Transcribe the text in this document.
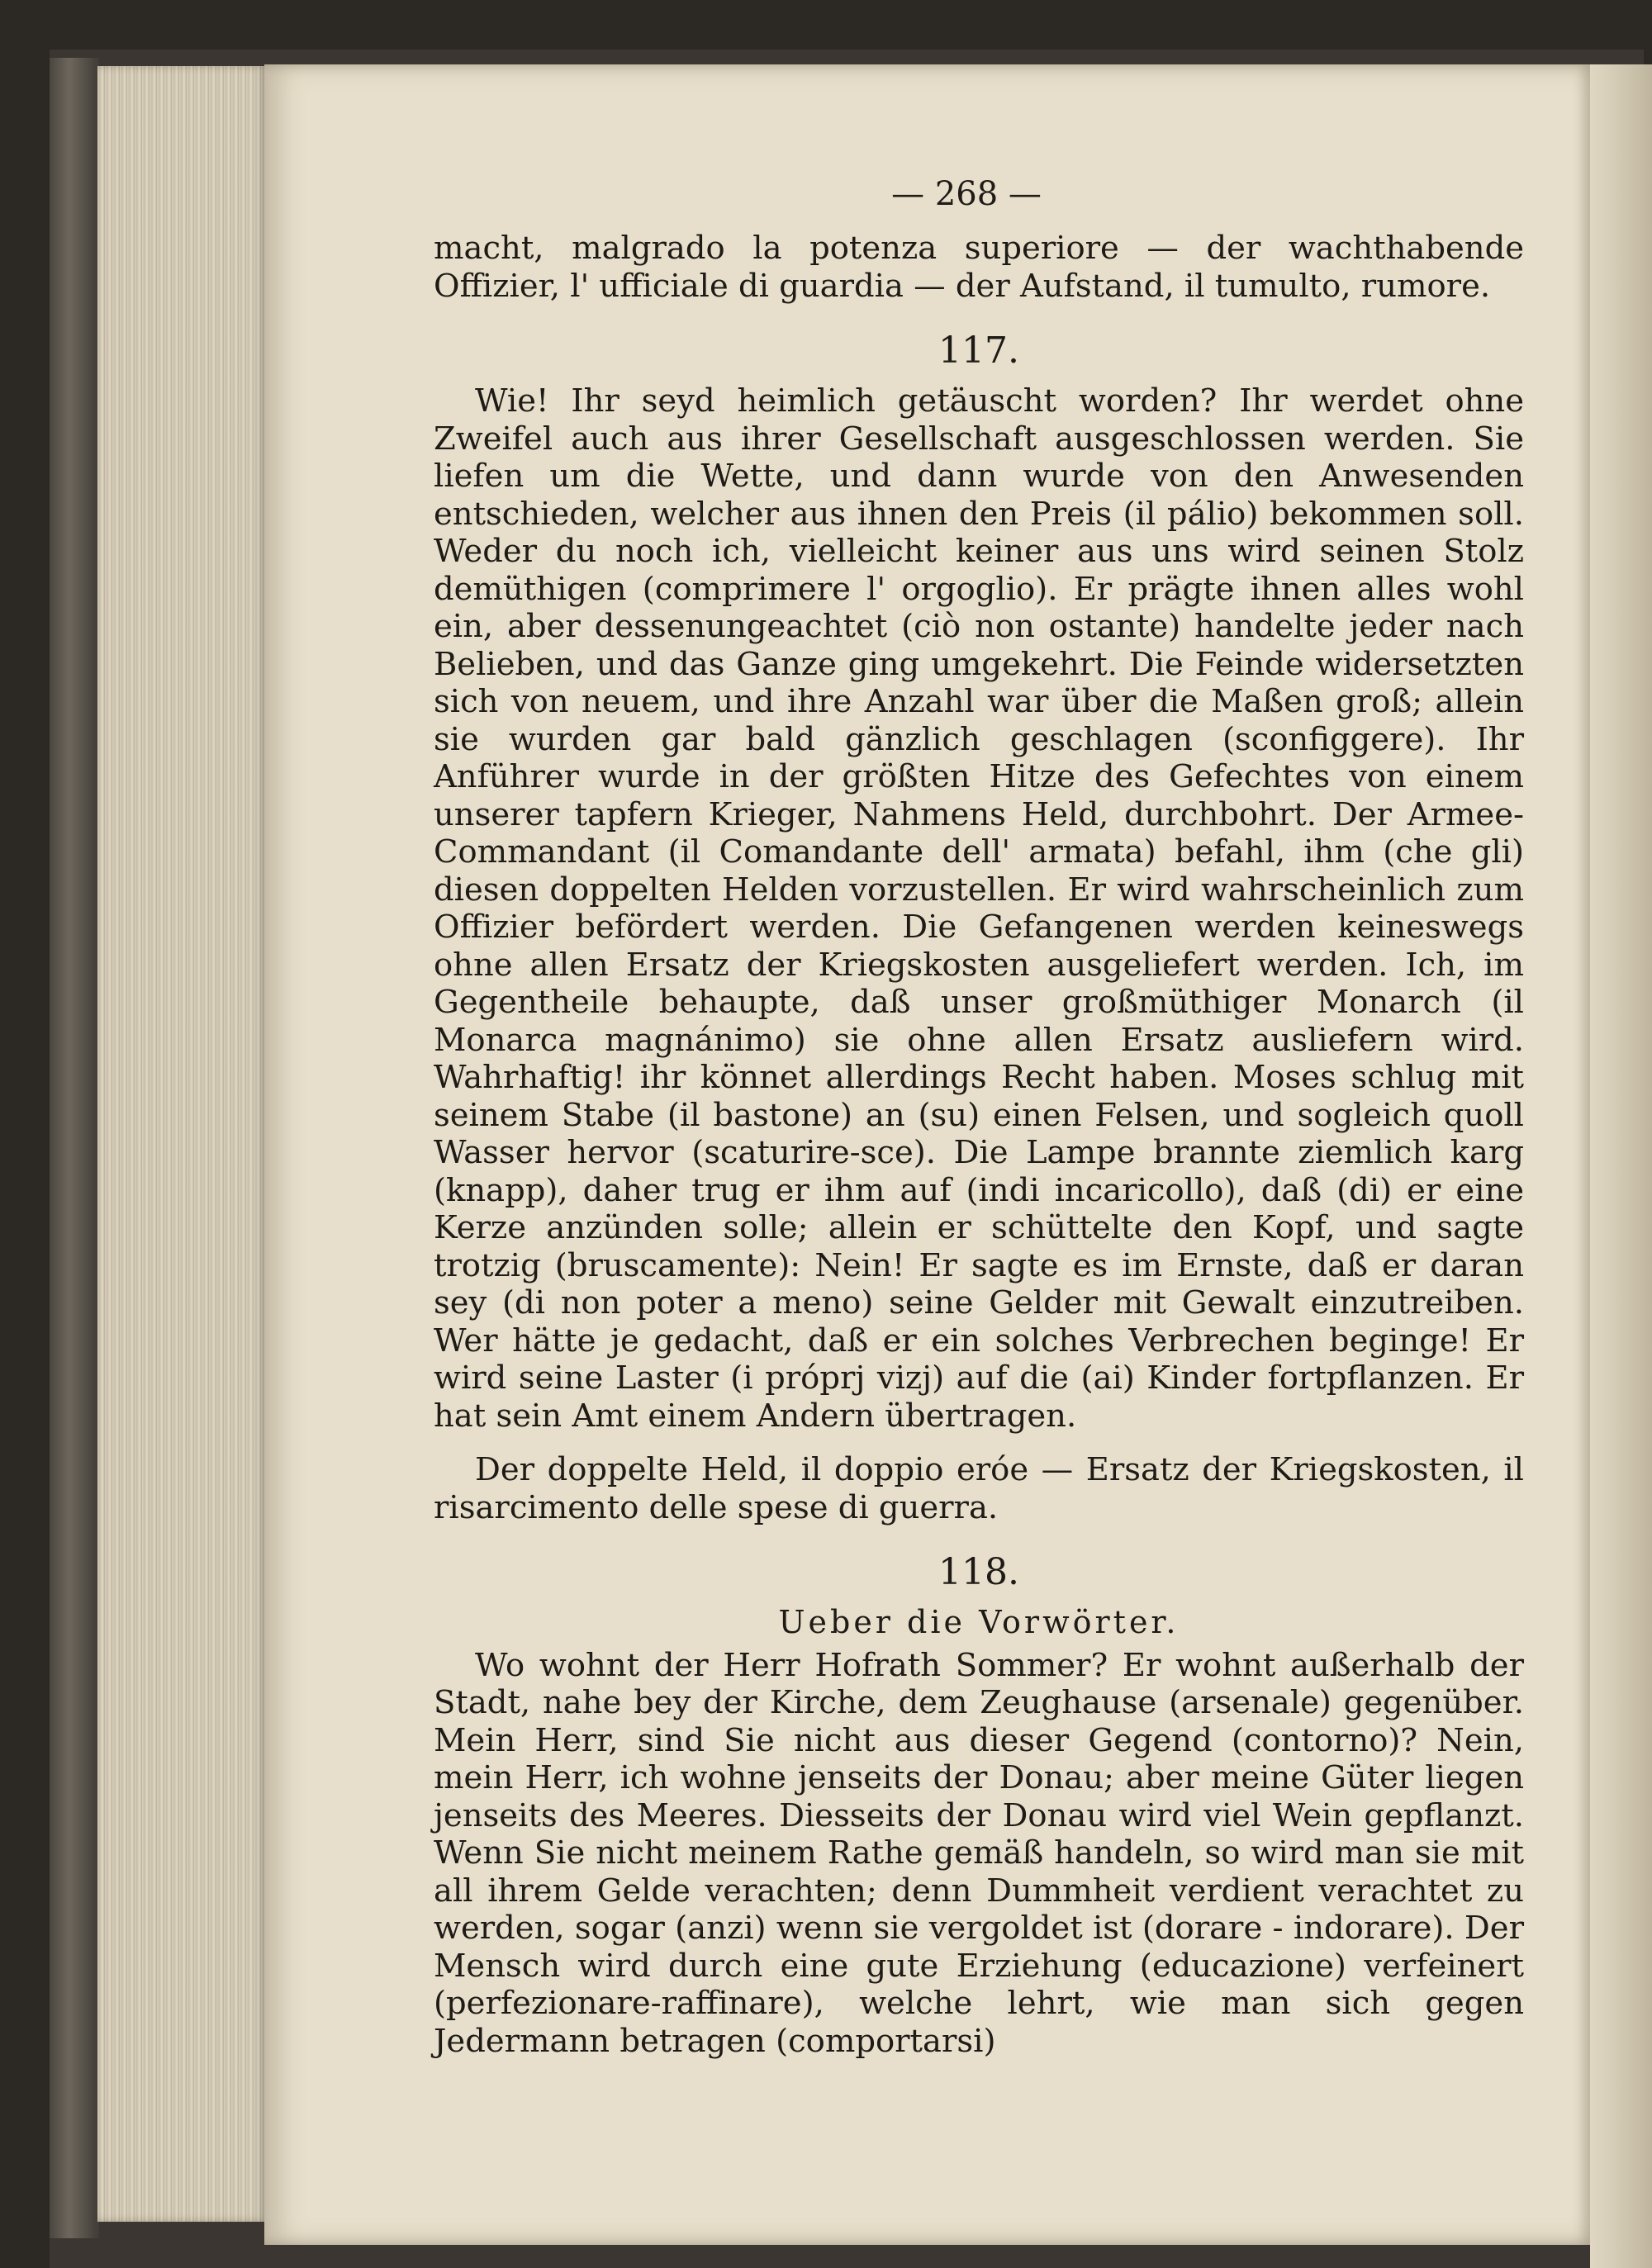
— 268 —

macht, malgrado la potenza superiore — der wachthabende Offizier, l' ufficiale di guardia — der Aufstand, il tumulto, rumore.

117.

Wie! Ihr seyd heimlich getäuscht worden? Ihr werdet ohne Zweifel auch aus ihrer Gesellschaft ausgeschlossen werden. Sie liefen um die Wette, und dann wurde von den Anwesenden entschieden, welcher aus ihnen den Preis (il pálio) bekommen soll. Weder du noch ich, vielleicht keiner aus uns wird seinen Stolz demüthigen (comprimere l' orgoglio). Er prägte ihnen alles wohl ein, aber dessenungeachtet (ciò non ostante) handelte jeder nach Belieben, und das Ganze ging umgekehrt. Die Feinde widersetzten sich von neuem, und ihre Anzahl war über die Maßen groß; allein sie wurden gar bald gänzlich geschlagen (sconfiggere). Ihr Anführer wurde in der größten Hitze des Gefechtes von einem unserer tapfern Krieger, Nahmens Held, durchbohrt. Der Armee-Commandant (il Comandante dell' armata) befahl, ihm (che gli) diesen doppelten Helden vorzustellen. Er wird wahrscheinlich zum Offizier befördert werden. Die Gefangenen werden keineswegs ohne allen Ersatz der Kriegskosten ausgeliefert werden. Ich, im Gegentheile behaupte, daß unser großmüthiger Monarch (il Monarca magnánimo) sie ohne allen Ersatz ausliefern wird. Wahrhaftig! ihr könnet allerdings Recht haben. Moses schlug mit seinem Stabe (il bastone) an (su) einen Felsen, und sogleich quoll Wasser hervor (scaturire-sce). Die Lampe brannte ziemlich karg (knapp), daher trug er ihm auf (indi incaricollo), daß (di) er eine Kerze anzünden solle; allein er schüttelte den Kopf, und sagte trotzig (bruscamente): Nein! Er sagte es im Ernste, daß er daran sey (di non poter a meno) seine Gelder mit Gewalt einzutreiben. Wer hätte je gedacht, daß er ein solches Verbrechen beginge! Er wird seine Laster (i próprj vizj) auf die (ai) Kinder fortpflanzen. Er hat sein Amt einem Andern übertragen.

Der doppelte Held, il doppio eróe — Ersatz der Kriegskosten, il risarcimento delle spese di guerra.

118.
Ueber die Vorwörter.

Wo wohnt der Herr Hofrath Sommer? Er wohnt außerhalb der Stadt, nahe bey der Kirche, dem Zeughause (arsenale) gegenüber. Mein Herr, sind Sie nicht aus dieser Gegend (contorno)? Nein, mein Herr, ich wohne jenseits der Donau; aber meine Güter liegen jenseits des Meeres. Diesseits der Donau wird viel Wein gepflanzt. Wenn Sie nicht meinem Rathe gemäß handeln, so wird man sie mit all ihrem Gelde verachten; denn Dummheit verdient verachtet zu werden, sogar (anzi) wenn sie vergoldet ist (dorare - indorare). Der Mensch wird durch eine gute Erziehung (educazione) verfeinert (perfezionare-raffinare), welche lehrt, wie man sich gegen Jedermann betragen (comportarsi)
